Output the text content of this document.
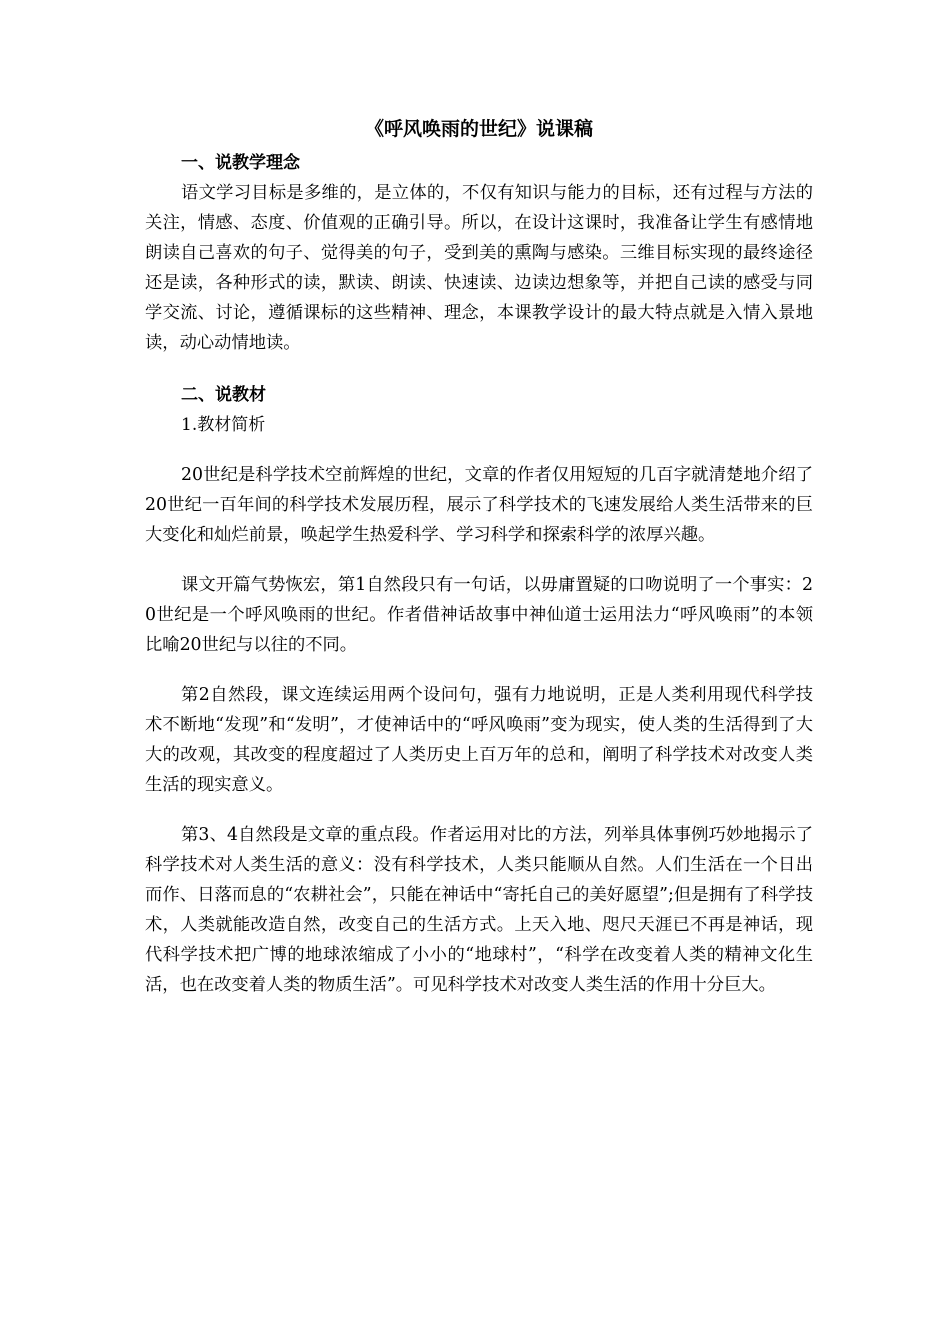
《呼风唤雨的世纪》说课稿
一、说教学理念

语文学习目标是多维的，是立体的，不仅有知识与能力的目标，还有过程与方法的关注，情感、态度、价值观的正确引导。所以，在设计这课时，我准备让学生有感情地朗读自己喜欢的句子、觉得美的句子，受到美的熏陶与感染。三维目标实现的最终途径还是读，各种形式的读，默读、朗读、快速读、边读边想象等，并把自己读的感受与同学交流、讨论，遵循课标的这些精神、理念，本课教学设计的最大特点就是入情入景地读，动心动情地读。

二、说教材
1.教材简析

20世纪是科学技术空前辉煌的世纪，文章的作者仅用短短的几百字就清楚地介绍了20世纪一百年间的科学技术发展历程，展示了科学技术的飞速发展给人类生活带来的巨大变化和灿烂前景，唤起学生热爱科学、学习科学和探索科学的浓厚兴趣。

课文开篇气势恢宏，第1自然段只有一句话，以毋庸置疑的口吻说明了一个事实：20世纪是一个呼风唤雨的世纪。作者借神话故事中神仙道士运用法力“呼风唤雨”的本领比喻20世纪与以往的不同。

第2自然段，课文连续运用两个设问句，强有力地说明，正是人类利用现代科学技术不断地“发现”和“发明”，才使神话中的“呼风唤雨”变为现实，使人类的生活得到了大大的改观，其改变的程度超过了人类历史上百万年的总和，阐明了科学技术对改变人类生活的现实意义。

第3、4自然段是文章的重点段。作者运用对比的方法，列举具体事例巧妙地揭示了科学技术对人类生活的意义：没有科学技术，人类只能顺从自然。人们生活在一个日出而作、日落而息的“农耕社会”，只能在神话中“寄托自己的美好愿望”;但是拥有了科学技术，人类就能改造自然，改变自己的生活方式。上天入地、咫尺天涯已不再是神话，现代科学技术把广博的地球浓缩成了小小的“地球村”，“科学在改变着人类的精神文化生活，也在改变着人类的物质生活”。可见科学技术对改变人类生活的作用十分巨大。
